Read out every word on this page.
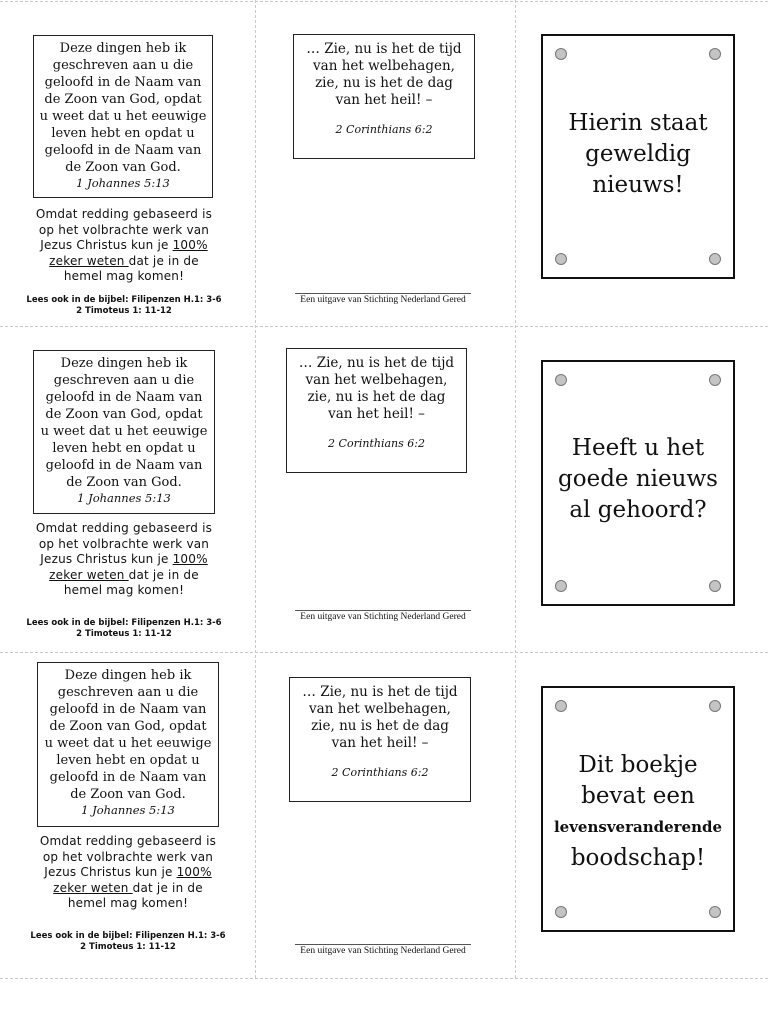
Deze dingen heb ik
geschreven aan u die
geloofd in de Naam van
de Zoon van God, opdat
u weet dat u het eeuwige
leven hebt en opdat u
geloofd in de Naam van
de Zoon van God.
1 Johannes 5:13
Omdat redding gebaseerd is op het volbrachte werk van Jezus Christus kun je 100% zeker weten dat je in de hemel mag komen!
Lees ook in de bijbel: Filipenzen H.1: 3-6
2 Timoteus 1: 11-12
… Zie, nu is het de tijd
van het welbehagen,
zie, nu is het de dag
van het heil! –
2 Corinthians 6:2
Een uitgave van Stichting Nederland Gered
Hierin staat
geweldig
nieuws!
Deze dingen heb ik
geschreven aan u die
geloofd in de Naam van
de Zoon van God, opdat
u weet dat u het eeuwige
leven hebt en opdat u
geloofd in de Naam van
de Zoon van God.
1 Johannes 5:13
Omdat redding gebaseerd is op het volbrachte werk van Jezus Christus kun je 100% zeker weten dat je in de hemel mag komen!
Lees ook in de bijbel: Filipenzen H.1: 3-6
2 Timoteus 1: 11-12
… Zie, nu is het de tijd
van het welbehagen,
zie, nu is het de dag
van het heil! –
2 Corinthians 6:2
Een uitgave van Stichting Nederland Gered
Heeft u het
goede nieuws
al gehoord?
Deze dingen heb ik
geschreven aan u die
geloofd in de Naam van
de Zoon van God, opdat
u weet dat u het eeuwige
leven hebt en opdat u
geloofd in de Naam van
de Zoon van God.
1 Johannes 5:13
Omdat redding gebaseerd is op het volbrachte werk van Jezus Christus kun je 100% zeker weten dat je in de hemel mag komen!
Lees ook in de bijbel: Filipenzen H.1: 3-6
2 Timoteus 1: 11-12
… Zie, nu is het de tijd
van het welbehagen,
zie, nu is het de dag
van het heil! –
2 Corinthians 6:2
Een uitgave van Stichting Nederland Gered
Dit boekje
bevat een
levensveranderende
boodschap!
